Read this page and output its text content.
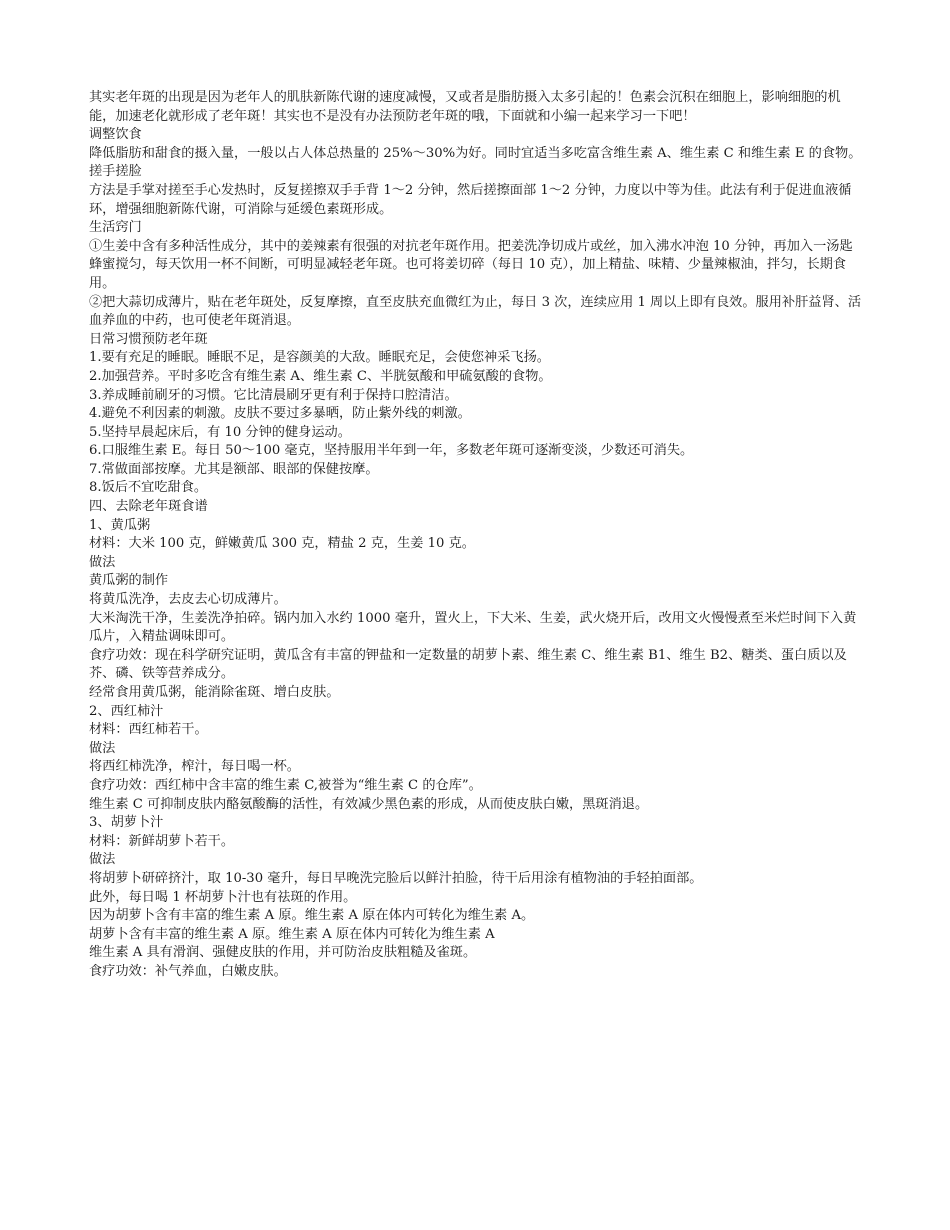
其实老年斑的出现是因为老年人的肌肤新陈代谢的速度减慢，又或者是脂肪摄入太多引起的！色素会沉积在细胞上，影响细胞的机能，加速老化就形成了老年斑！其实也不是没有办法预防老年斑的哦，下面就和小编一起来学习一下吧！

调整饮食

降低脂肪和甜食的摄入量，一般以占人体总热量的 25%～30%为好。同时宜适当多吃富含维生素 A、维生素 C 和维生素 E 的食物。

搓手搓脸

方法是手掌对搓至手心发热时，反复搓擦双手手背 1～2 分钟，然后搓擦面部 1～2 分钟，力度以中等为佳。此法有利于促进血液循环，增强细胞新陈代谢，可消除与延缓色素斑形成。

生活窍门

①生姜中含有多种活性成分，其中的姜辣素有很强的对抗老年斑作用。把姜洗净切成片或丝，加入沸水冲泡 10 分钟，再加入一汤匙蜂蜜搅匀，每天饮用一杯不间断，可明显减轻老年斑。也可将姜切碎（每日 10 克），加上精盐、味精、少量辣椒油，拌匀，长期食用。

②把大蒜切成薄片，贴在老年斑处，反复摩擦，直至皮肤充血微红为止，每日 3 次，连续应用 1 周以上即有良效。服用补肝益肾、活血养血的中药，也可使老年斑消退。

日常习惯预防老年斑

1.要有充足的睡眠。睡眠不足，是容颜美的大敌。睡眠充足，会使您神采飞扬。

2.加强营养。平时多吃含有维生素 A、维生素 C、半胱氨酸和甲硫氨酸的食物。

3.养成睡前刷牙的习惯。它比清晨刷牙更有利于保持口腔清洁。

4.避免不利因素的刺激。皮肤不要过多暴晒，防止紫外线的刺激。

5.坚持早晨起床后，有 10 分钟的健身运动。

6.口服维生素 E。每日 50～100 毫克，坚持服用半年到一年，多数老年斑可逐渐变淡，少数还可消失。

7.常做面部按摩。尤其是额部、眼部的保健按摩。

8.饭后不宜吃甜食。

四、去除老年斑食谱

1、黄瓜粥

材料：大米 100 克，鲜嫩黄瓜 300 克，精盐 2 克，生姜 10 克。

做法

黄瓜粥的制作

将黄瓜洗净，去皮去心切成薄片。

大米淘洗干净，生姜洗净拍碎。锅内加入水约 1000 毫升，置火上，下大米、生姜，武火烧开后，改用文火慢慢煮至米烂时间下入黄瓜片，入精盐调味即可。

食疗功效：现在科学研究证明，黄瓜含有丰富的钾盐和一定数量的胡萝卜素、维生素 C、维生素 B1、维生 B2、糖类、蛋白质以及芥、磷、铁等营养成分。

经常食用黄瓜粥，能消除雀斑、增白皮肤。

2、西红柿汁

材料：西红柿若干。

做法

将西红柿洗净，榨汁，每日喝一杯。

食疗功效：西红柿中含丰富的维生素 C,被誉为“维生素 C 的仓库”。

维生素 C 可抑制皮肤内酪氨酸酶的活性，有效减少黑色素的形成，从而使皮肤白嫩，黑斑消退。

3、胡萝卜汁

材料：新鲜胡萝卜若干。

做法

将胡萝卜研碎挤汁，取 10-30 毫升，每日早晚洗完脸后以鲜汁拍脸，待干后用涂有植物油的手轻拍面部。

此外，每日喝 1 杯胡萝卜汁也有祛斑的作用。

因为胡萝卜含有丰富的维生素 A 原。维生素 A 原在体内可转化为维生素 A。

胡萝卜含有丰富的维生素 A 原。维生素 A 原在体内可转化为维生素 A

维生素 A 具有滑润、强健皮肤的作用，并可防治皮肤粗糙及雀斑。

食疗功效：补气养血，白嫩皮肤。
